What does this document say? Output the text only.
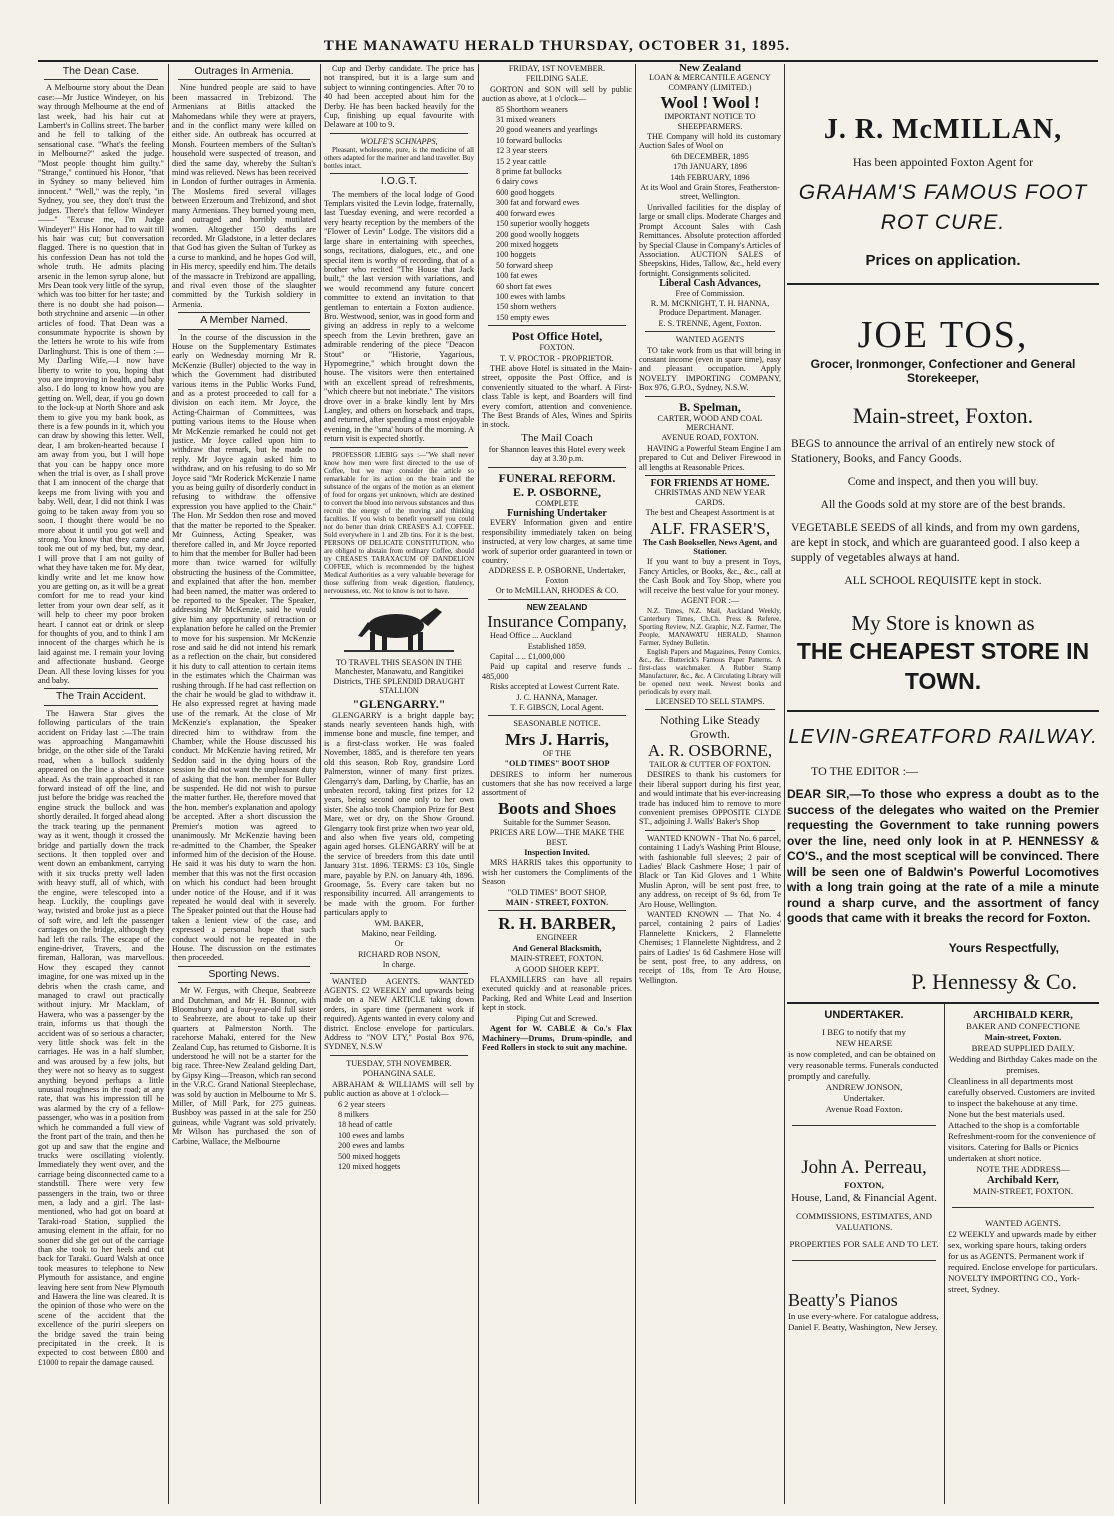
THE MANAWATU HERALD THURSDAY, OCTOBER 31, 1895.
The Dean Case.

A Melbourne story about the Dean case:—Mr Justice Windeyer, on his way through Melbourne at the end of last week, had his hair cut at Lambert's in Collins street. The barber and he fell to talking of the sensational case. "What's the feeling in Melbourne?" asked the judge. "Most people thought him guilty." "Strange," continued his Honor, "that in Sydney so many believed him innocent." "Well," was the reply, "in Sydney, you see, they don't trust the judges. There's that fellow Windeyer——" "Excuse me, I'm Judge Windeyer!" His Honor had to wait till his hair was cut; but conversation flagged. There is no question that in his confession Dean has not told the whole truth. He admits placing arsenic in the lemon syrup alone, but Mrs Dean took very little of the syrup, which was too bitter for her taste; and there is no doubt she had poison—both strychnine and arsenic —in other articles of food. That Dean was a consummate hypocrite is shown by the letters he wrote to his wife from Darlinghurst. This is one of them :— My Darling Wife,—I now have liberty to write to you, hoping that you are improving in health, and baby also. I do long to know how you are getting on. Well, dear, if you go down to the lock-up at North Shore and ask them to give you my bank book, as there is a few pounds in it, which you can draw by showing this letter. Well, dear, I am broken-hearted because I am away from you, but I will hope that you can be happy once more when the trial is over, as I shall prove that I am innocent of the charge that keeps me from living with you and baby. Well, dear, I did not think I was going to be taken away from you so soon. I thought there would be no more about it until you got well and strong. You know that they came and took me out of my bed, but, my dear, I will prove that I am not guilty of what they have taken me for. My dear, kindly write and let me know how you are getting on, as it will be a great comfort for me to read your kind letter from your own dear self, as it will help to cheer my poor broken heart. I cannot eat or drink or sleep for thoughts of you, and to think I am innocent of the charges which he is laid against me. I remain your loving and affectionate husband. George Dean. All these loving kisses for you and baby.

The Train Accident.

The Hawera Star gives the following particulars of the train accident on Friday last :—The train was approaching Mangamawhiti bridge, on the other side of the Taraki road, when a bullock suddenly appeared on the line a short distance ahead. As the train approached it ran forward instead of off the line, and just before the bridge was reached the engine struck the bullock and was shortly derailed. It forged ahead along the track tearing up the permanent way as it went, though it crossed the bridge and partially down the track sections. It then toppled over and went down an embankment, carrying with it six trucks pretty well laden with heavy stuff, all of which, with the engine, were telescoped into a heap. Luckily, the couplings gave way, twisted and broke just as a piece of soft wire, and left the passenger carriages on the bridge, although they had left the rails. The escape of the engine-driver, Travers, and the fireman, Halloran, was marvellous. How they escaped they cannot imagine, for one was mixed up in the debris when the crash came, and managed to crawl out practically without injury. Mr Macklam, of Hawera, who was a passenger by the train, informs us that though the accident was of so serious a character, very little shock was felt in the carriages. He was in a half slumber, and was aroused by a few jolts, but they were not so heavy as to suggest anything beyond perhaps a little unusual roughness in the road; at any rate, that was his impression till he was alarmed by the cry of a fellow-passenger, who was in a position from which he commanded a full view of the front part of the train, and then he got up and saw that the engine and trucks were oscillating violently. Immediately they went over, and the carriage being disconnected came to a standstill. There were very few passengers in the train, two or three men, a lady and a girl. The last-mentioned, who had got on board at Taraki-road Station, supplied the amusing element in the affair, for no sooner did she get out of the carriage than she took to her heels and cut back for Taraki. Guard Walsh at once took measures to telephone to New Plymouth for assistance, and engine leaving here sent from New Plymouth and Hawera the line was cleared. It is the opinion of those who were on the scene of the accident that the excellence of the puriri sleepers on the bridge saved the train being precipitated in the creek. It is expected to cost between £800 and £1000 to repair the damage caused.

Outrages In Armenia.

Nine hundred people are said to have been massacred in Trebizond. The Armenians at Bitlis attacked the Mahomedans while they were at prayers, and in the conflict many were killed on either side. An outbreak has occurred at Monsh. Fourteen members of the Sultan's household were suspected of treason, and died the same day, whereby the Sultan's mind was relieved. News has been received in London of further outrages in Armenia. The Moslems fired several villages between Erzeroum and Trebizond, and shot many Armenians. They burned young men, and outraged and horribly mutilated women. Altogether 150 deaths are recorded. Mr Gladstone, in a letter declares that God has given the Sultan of Turkey as a curse to mankind, and he hopes God will, in His mercy, speedily end him. The details of the massacre in Trebizond are appalling, and rival even those of the slaughter committed by the Turkish soldiery in Armenia.

A Member Named.

In the course of the discussion in the House on the Supplementary Estimates early on Wednesday morning Mr R. McKenzie (Buller) objected to the way in which the Government had distributed various items in the Public Works Fund, and as a protest proceeded to call for a division on each item. Mr Joyce, the Acting-Chairman of Committees, was putting various items to the House when Mr McKenzie remarked he could not get justice. Mr Joyce called upon him to withdraw that remark, but he made no reply. Mr Joyce again asked him to withdraw, and on his refusing to do so Mr Joyce said "Mr Roderick McKenzie I name you as being guilty of disorderly conduct in refusing to withdraw the offensive expression you have applied to the Chair." The Hon. Mr Seddon then rose and moved that the matter be reported to the Speaker. Mr Guinness, Acting Speaker, was therefore called in, and Mr Joyce reported to him that the member for Buller had been more than twice warned for wilfully obstructing the business of the Committee, and explained that after the hon. member had been named, the matter was ordered to be reported to the Speaker. The Speaker, addressing Mr McKenzie, said he would give him any opportunity of retraction or explanation before he called on the Premier to move for his suspension. Mr McKenzie rose and said he did not intend his remark as a reflection on the chair, but considered it his duty to call attention to certain items in the estimates which the Chairman was rushing through. If he had cast reflection on the chair he would be glad to withdraw it. He also expressed regret at having made use of the remark. At the close of Mr McKenzie's explanation, the Speaker directed him to withdraw from the Chamber, while the House discussed his conduct. Mr McKenzie having retired, Mr Seddon said in the dying hours of the session he did not want the unpleasant duty of asking that the hon. member for Buller be suspended. He did not wish to pursue the matter further. He, therefore moved that the hon. member's explanation and apology be accepted. After a short discussion the Premier's motion was agreed to unanimously. Mr McKenzie having been re-admitted to the Chamber, the Speaker informed him of the decision of the House. He said it was his duty to warn the hon. member that this was not the first occasion on which his conduct had been brought under notice of the House, and if it was repeated he would deal with it severely. The Speaker pointed out that the House had taken a lenient view of the case, and expressed a personal hope that such conduct would not be repeated in the House. The discussion on the estimates then proceeded.

Sporting News.

Mr W. Fergus, with Cheque, Seabreeze and Dutchman, and Mr H. Bonnor, with Bloomsbury and a four-year-old full sister to Seabreeze, are about to take up their quarters at Palmerston North. The racehorse Mahaki, entered for the New Zealand Cup, has returned to Gisborne. It is understood he will not be a starter for the big race. Three-New Zealand gelding Dart, by Gipsy King—Treason, which ran second in the V.R.C. Grand National Steeplechase, was sold by auction in Melbourne to Mr S. Miller, of Mill Park, for 275 guineas. Bushboy was passed in at the sale for 250 guineas, while Vagrant was sold privately. Mr Wilson has purchased the son of Carbine, Wallace, the Melbourne

Cup and Derby candidate. The price has not transpired, but it is a large sum and subject to winning contingencies. After 70 to 40 had been accepted about him for the Derby. He has been backed heavily for the Cup, finishing up equal favourite with Delaware at 100 to 9.

WOLFE'S SCHNAPPS,

Pleasant, wholesome, pure, is the medicine of all others adapted for the mariner and land traveller. Buy bottles intact.

I.O.G.T.

The members of the local lodge of Good Templars visited the Levin lodge, fraternally, last Tuesday evening, and were recorded a very hearty reception by the members of the "Flower of Levin" Lodge. The visitors did a large share in entertaining with speeches, songs, recitations, dialogues, etc., and one special item is worthy of recording, that of a brother who recited "The House that Jack built," the last version with variations, and we would recommend any future concert committee to extend an invitation to that gentleman to entertain a Foxton audience. Bro. Westwood, senior, was in good form and giving an address in reply to a welcome speech from the Levin brethren, gave an admirable rendering of the piece "Deacon Stout" or "Historie, Yagarious, Hypomegrine," which brought down the house. The visitors were then entertained with an excellent spread of refreshments, "which cheere but not inebriate." The visitors drove over in a brake kindly lent by Mrs Langley, and others on horseback and traps, and returned, after spending a most enjoyable evening, in the "sma' hours of the morning. A return visit is expected shortly.

PROFESSOR LIEBIG says :—"We shall never know how men were first directed to the use of Coffee, but we may consider the article so remarkable for its action on the brain and the substance of the organs of the motion as an element of food for organs yet unknown, which are destined to convert the blood into nervous substances and thus recruit the energy of the moving and thinking faculties. If you wish to benefit yourself you could not do better than drink CREASE'S A.I. COFFEE. Sold everywhere in 1 and 2lb tins. For it is the best. PERSONS OF DELICATE CONSTITUTION, who are obliged to abstain from ordinary Coffee, should try CREASE'S TARAXACUM OF DANDELION COFFEE, which is recommended by the highest Medical Authorities as a very valuable beverage for those suffering from weak digestion, flatulency, nervousness, etc. Not to know is not to have.

TO TRAVEL THIS SEASON IN THE Manchester, Manawatu, and Rangitikei Districts, THE SPLENDID DRAUGHT STALLION

"GLENGARRY."

GLENGARRY is a bright dapple bay; stands nearly seventeen hands high, with immense bone and muscle, fine temper, and is a first-class worker. He was foaled November, 1885, and is therefore ten years old this season. Rob Roy, grandsire Lord Palmerston, winner of many first prizes. Glengarry's dam, Darling, by Charlie, has an unbeaten record, taking first prizes for 12 years, being second one only to her own sister. She also took Champion Prize for Best Mare, wet or dry, on the Show Ground. Glengarry took first prize when two year old, and also when five years old, competing again aged horses. GLENGARRY will be at the service of breeders from this date until January 31st. 1896. TERMS: £3 10s, Single mare, payable by P.N. on January 4th, 1896. Groomage, 5s. Every care taken but no responsibility incurred. All arrangements to be made with the groom. For further particulars apply to

WM. BAKER,

Makino, near Feilding.

Or

RICHARD ROB NSON,

In charge.

WANTED AGENTS. WANTED AGENTS. £2 WEEKLY and upwards being made on a NEW ARTICLE taking down orders, in spare time (permanent work if required). Agents wanted in every colony and district. Enclose envelope for particulars. Address to "NOV LTY," Postal Box 976, SYDNEY, N.S.W

TUESDAY, 5TH NOVEMBER.

POHANGINA SALE.

ABRAHAM & WILLIAMS will sell by public auction as above at 1 o'clock—

6 2 year steers

8 milkers

18 head of cattle

100 ewes and lambs

200 ewes and lambs

500 mixed hoggets

120 mixed hoggets

FRIDAY, 1ST NOVEMBER.

FEILDING SALE.

GORTON and SON will sell by public auction as above, at 1 o'clock—

85 Shorthorn weaners

31 mixed weaners

20 good weaners and yearlings

10 forward bullocks

12 3 year steers

15 2 year cattle

8 prime fat bullocks

6 dairy cows

600 good hoggets

300 fat and forward ewes

400 forward ewes

150 superior woolly hoggets

200 good woolly hoggets

200 mixed hoggets

100 hoggets

50 forward sheep

100 fat ewes

60 short fat ewes

100 ewes with lambs

150 shorn wethers

150 empty ewes

Post Office Hotel,

FOXTON.

T. V. PROCTOR - PROPRIETOR.

THE above Hotel is situated in the Main-street, opposite the Post Office, and is conveniently situated to the wharf. A First-class Table is kept, and Boarders will find every comfort, attention and convenience. The Best Brands of Ales, Wines and Spirits in stock.

The Mail Coach

for Shannon leaves this Hotel every week day at 3.30 p.m.

FUNERAL REFORM.
E. P. OSBORNE,

COMPLETE

Furnishing Undertaker

EVERY Information given and entire responsibility immediately taken on being instructed, at very low charges, at same time work of superior order guaranteed in town or country.

ADDRESS E. P. OSBORNE, Undertaker, Foxton

Or to McMILLAN, RHODES & CO.

NEW ZEALAND
Insurance Company,

Head Office ... Auckland

Established 1859.

Capital .. .. £1,000,000

Paid up capital and reserve funds .. 485,000

Risks accepted at Lowest Current Rate.

J. C. HANNA, Manager.

T. F. GIBSCN, Local Agent.

SEASONABLE NOTICE.

Mrs J. Harris,

OF THE

"OLD TIMES" BOOT SHOP

DESIRES to inform her numerous customers that she has now received a large assortment of

Boots and Shoes

Suitable for the Summer Season.

PRICES ARE LOW—THE MAKE THE BEST.

Inspection Invited.

MRS HARRIS takes this opportunity to wish her customers the Compliments of the Season

"OLD TIMES" BOOT SHOP,

MAIN - STREET, FOXTON.

R. H. BARBER,

ENGINEER

And General Blacksmith,

MAIN-STREET, FOXTON.

A GOOD SHOER KEPT.

FLAXMILLERS can have all repairs executed quickly and at reasonable prices. Packing, Red and White Lead and Insertion kept in stock.

Piping Cut and Screwed.

Agent for W. CABLE & Co.'s Flax Machinery—Drums, Drum-spindle, and Feed Rollers in stock to suit any machine.

New Zealand

LOAN & MERCANTILE AGENCY COMPANY (LIMITED.)

Wool ! Wool !

IMPORTANT NOTICE TO SHEEPFARMERS.

THE Company will hold its customary Auction Sales of Wool on

6th DECEMBER, 1895

17th JANUARY, 1896

14th FEBRUARY, 1896

At its Wool and Grain Stores, Featherston-street, Wellington.

Unrivalled facilities for the display of large or small clips. Moderate Charges and Prompt Account Sales with Cash Remittances. Absolute protection afforded by Special Clause in Company's Articles of Association. AUCTION SALES of Sheepskins, Hides, Tallow, &c., held every fortnight. Consignments solicited.

Liberal Cash Advances,

Free of Commission.

R. M. MCKNIGHT, T. H. HANNA, Produce Department. Manager.

E. S. TRENNE, Agent, Foxton.

WANTED AGENTS

TO take work from us that will bring in constant income (even in spare time), easy and pleasant occupation. Apply NOVELTY IMPORTING COMPANY, Box 976, G.P.O., Sydney, N.S.W.

B. Spelman,

CARTER, WOOD AND COAL MERCHANT.

AVENUE ROAD, FOXTON.

HAVING a Powerful Steam Engine I am prepared to Cut and Deliver Firewood in all lengths at Reasonable Prices.

FOR FRIENDS AT HOME.

CHRISTMAS AND NEW YEAR CARDS.

The best and Cheapest Assortment is at

ALF. FRASER'S,

The Cash Bookseller, News Agent, and Stationer.

If you want to buy a present in Toys, Fancy Articles, or Books, &c., &c., call at the Cash Book and Toy Shop, where you will receive the best value for your money.

AGENT FOR :—

N.Z. Times, N.Z. Mail, Auckland Weekly, Canterbury Times, Ch.Ch. Press & Referee, Sporting Review, N.Z. Graphic, N.Z. Farmer, The People, MANAWATU HERALD, Shannon Farmer, Sydney Bulletin.

English Papers and Magazines, Penny Comics, &c., &c. Butterick's Famous Paper Patterns. A first-class watchmaker. A Rubber Stamp Manufacturer, &c., &c. A Circulating Library will be opened next week. Newest books and periodicals by every mail.

LICENSED TO SELL STAMPS.

Nothing Like Steady Growth.
A. R. OSBORNE,

TAILOR & CUTTER OF FOXTON.

DESIRES to thank his customers for their liberal support during his first year, and would intimate that his ever-increasing trade has induced him to remove to more convenient premises OPPOSITE CLYDE ST., adjoining J. Walls' Baker's Shop

WANTED KNOWN - That No. 6 parcel, containing 1 Lady's Washing Print Blouse, with fashionable full sleeves; 2 pair of Ladies' Black Cashmere Hose; 1 pair of Black or Tan Kid Gloves and 1 White Muslin Apron, will be sent post free, to any address, on receipt of 9s 6d, from Te Aro House, Wellington.

WANTED KNOWN — That No. 4 parcel, containing 2 pairs of Ladies' Flannelette Knickers, 2 Flannelette Chemises; 1 Flannelette Nightdress, and 2 pairs of Ladies' 1s 6d Cashmere Hose will be sent, post free, to any address, on receipt of 18s, from Te Aro House, Wellington.

J. R. McMILLAN,
Has been appointed Foxton Agent for
GRAHAM'S FAMOUS FOOT ROT CURE.
Prices on application.
JOE TOS,
Grocer, Ironmonger, Confectioner and General Storekeeper,
Main-street, Foxton.
BEGS to announce the arrival of an entirely new stock of Stationery, Books, and Fancy Goods.
Come and inspect, and then you will buy.
All the Goods sold at my store are of the best brands.
VEGETABLE SEEDS of all kinds, and from my own gardens, are kept in stock, and which are guaranteed good. I also keep a supply of vegetables always at hand.
ALL SCHOOL REQUISITE kept in stock.
My Store is known as
THE CHEAPEST STORE IN TOWN.
LEVIN-GREATFORD RAILWAY.
TO THE EDITOR :—
DEAR SIR,—To those who express a doubt as to the success of the delegates who waited on the Premier requesting the Government to take running powers over the line, need only look in at P. HENNESSY & CO'S., and the most sceptical will be convinced. There will be seen one of Baldwin's Powerful Locomotives with a long train going at the rate of a mile a minute round a sharp curve, and the assortment of fancy goods that came with it breaks the record for Foxton.
Yours Respectfully,
P. Hennessy & Co.
UNDERTAKER.
I BEG to notify that my
NEW HEARSE
is now completed, and can be obtained on very reasonable terms. Funerals conducted promptly and carefully.
ANDREW JONSON,
Undertaker.
Avenue Road Foxton.
John A. Perreau,
FOXTON,
House, Land, & Financial Agent.
COMMISSIONS, ESTIMATES, AND VALUATIONS.
PROPERTIES FOR SALE AND TO LET.
Beatty's Pianos
In use every-where. For catalogue address, Daniel F. Beatty, Washington, New Jersey.
ARCHIBALD KERR,
BAKER AND CONFECTIONE
Main-street, Foxton.
BREAD SUPPLIED DAILY.
Wedding and Birthday Cakes made on the premises.
Cleanliness in all departments most carefully observed. Customers are invited to inspect the bakehouse at any time. None but the best materials used. Attached to the shop is a comfortable Refreshment-room for the convenience of visitors. Catering for Balls or Picnics undertaken at short notice.
NOTE THE ADDRESS—
Archibald Kerr,
MAIN-STREET, FOXTON.
WANTED AGENTS.
£2 WEEKLY and upwards made by either sex, working spare hours, taking orders for us as AGENTS. Permanent work if required. Enclose envelope for particulars. NOVELTY IMPORTING CO., York-street, Sydney.
